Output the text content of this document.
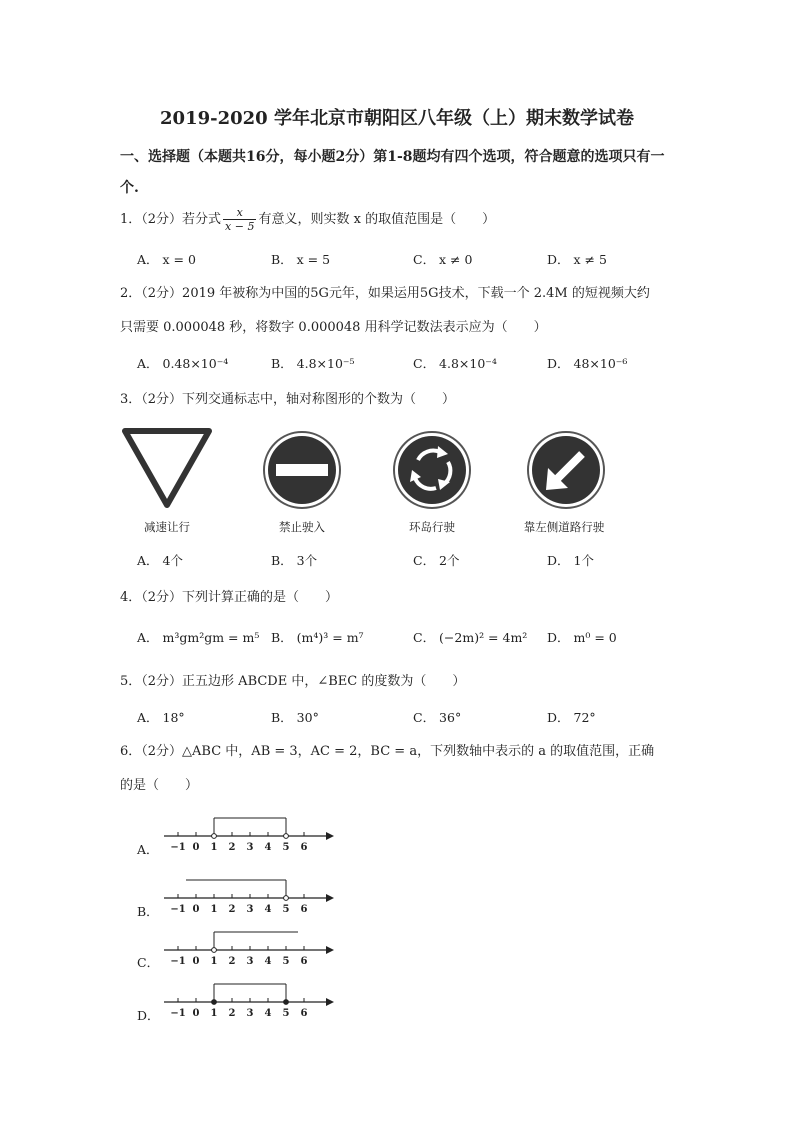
2019-2020 学年北京市朝阳区八年级（上）期末数学试卷
一、选择题（本题共16分，每小题2分）第1-8题均有四个选项，符合题意的选项只有一
个.
1．（2分）若分式 $\frac{x}{x - 5}$ 有意义，则实数 x 的取值范围是（　　）
A． x = 0	B． x = 5	C． x ≠ 0	D． x ≠ 5
2．（2分）2019 年被称为中国的5G元年，如果运用5G技术，下载一个 2.4M 的短视频大约
只需要 0.000048 秒，将数字 0.000048 用科学记数法表示应为（　　）
A． 0.48×10⁻⁴	B． 4.8×10⁻⁵	C． 4.8×10⁻⁴	D． 48×10⁻⁶
3．（2分）下列交通标志中，轴对称图形的个数为（　　）
减速让行	禁止驶入	环岛行驶	靠左侧道路行驶
A． 4个	B． 3个	C． 2个	D． 1个
4．（2分）下列计算正确的是（　　）
A． m³gm²gm = m⁵ B． (m⁴)³ = m⁷	C． (−2m)² = 4m² D． m⁰ = 0
5．（2分）正五边形 ABCDE 中，∠BEC 的度数为（　　）
A． 18°	B． 30°	C． 36°	D． 72°
6．（2分）△ABC 中，AB = 3，AC = 2，BC = a，下列数轴中表示的 a 的取值范围，正确
的是（　　）
A．
B．
C．
D．
−1 0 1 2 3 4 5 6
−1 0 1 2 3 4 5 6
−1 0 1 2 3 4 5 6
−1 0 1 2 3 4 5 6
